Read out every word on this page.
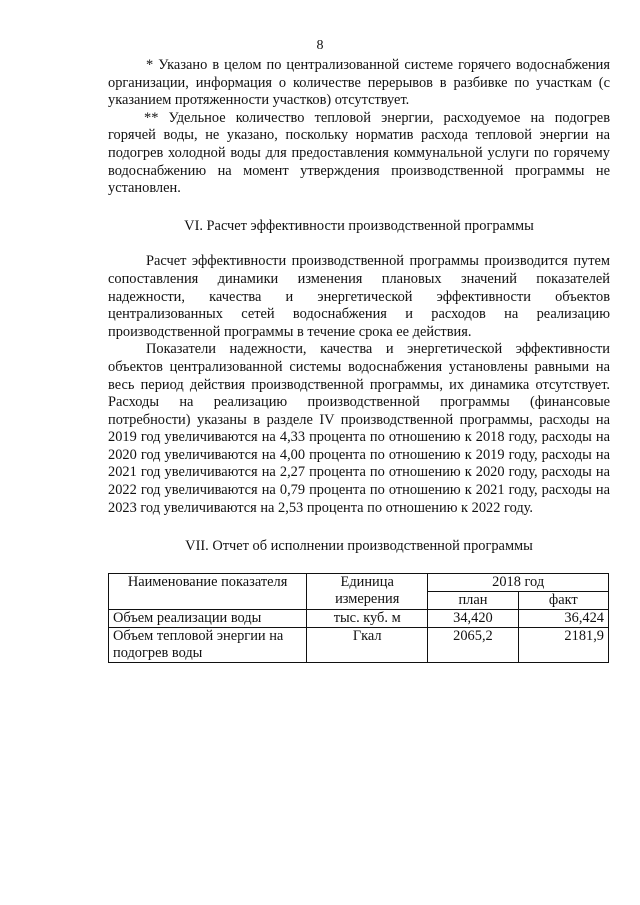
8

* Указано в целом по централизованной системе горячего водоснабжения организации, информация о количестве перерывов в разбивке по участкам (с указанием протяженности участков) отсутствует.

** Удельное количество тепловой энергии, расходуемое на подогрев горячей воды, не указано, поскольку норматив расхода тепловой энергии на подогрев холодной воды для предоставления коммунальной услуги по горячему водоснабжению на момент утверждения производственной программы не установлен.

VI. Расчет эффективности производственной программы

Расчет эффективности производственной программы производится путем сопоставления динамики изменения плановых значений показателей надежности, качества и энергетической эффективности объектов централизованных сетей водоснабжения и расходов на реализацию производственной программы в течение срока ее действия.

Показатели надежности, качества и энергетической эффективности объектов централизованной системы водоснабжения установлены равными на весь период действия производственной программы, их динамика отсутствует. Расходы на реализацию производственной программы (финансовые потребности) указаны в разделе IV производственной программы, расходы на 2019 год увеличиваются на 4,33 процента по отношению к 2018 году, расходы на 2020 год увеличиваются на 4,00 процента по отношению к 2019 году, расходы на 2021 год увеличиваются на 2,27 процента по отношению к 2020 году, расходы на 2022 год увеличиваются на 0,79 процента по отношению к 2021 году, расходы на 2023 год увеличиваются на 2,53 процента по отношению к 2022 году.

VII. Отчет об исполнении производственной программы

Наименование показателя	Единица измерения	2018 год	
		план	факт
Объем реализации воды	тыс. куб. м	34,420	36,424
Объем тепловой энергии на подогрев воды	Гкал	2065,2	2181,9
